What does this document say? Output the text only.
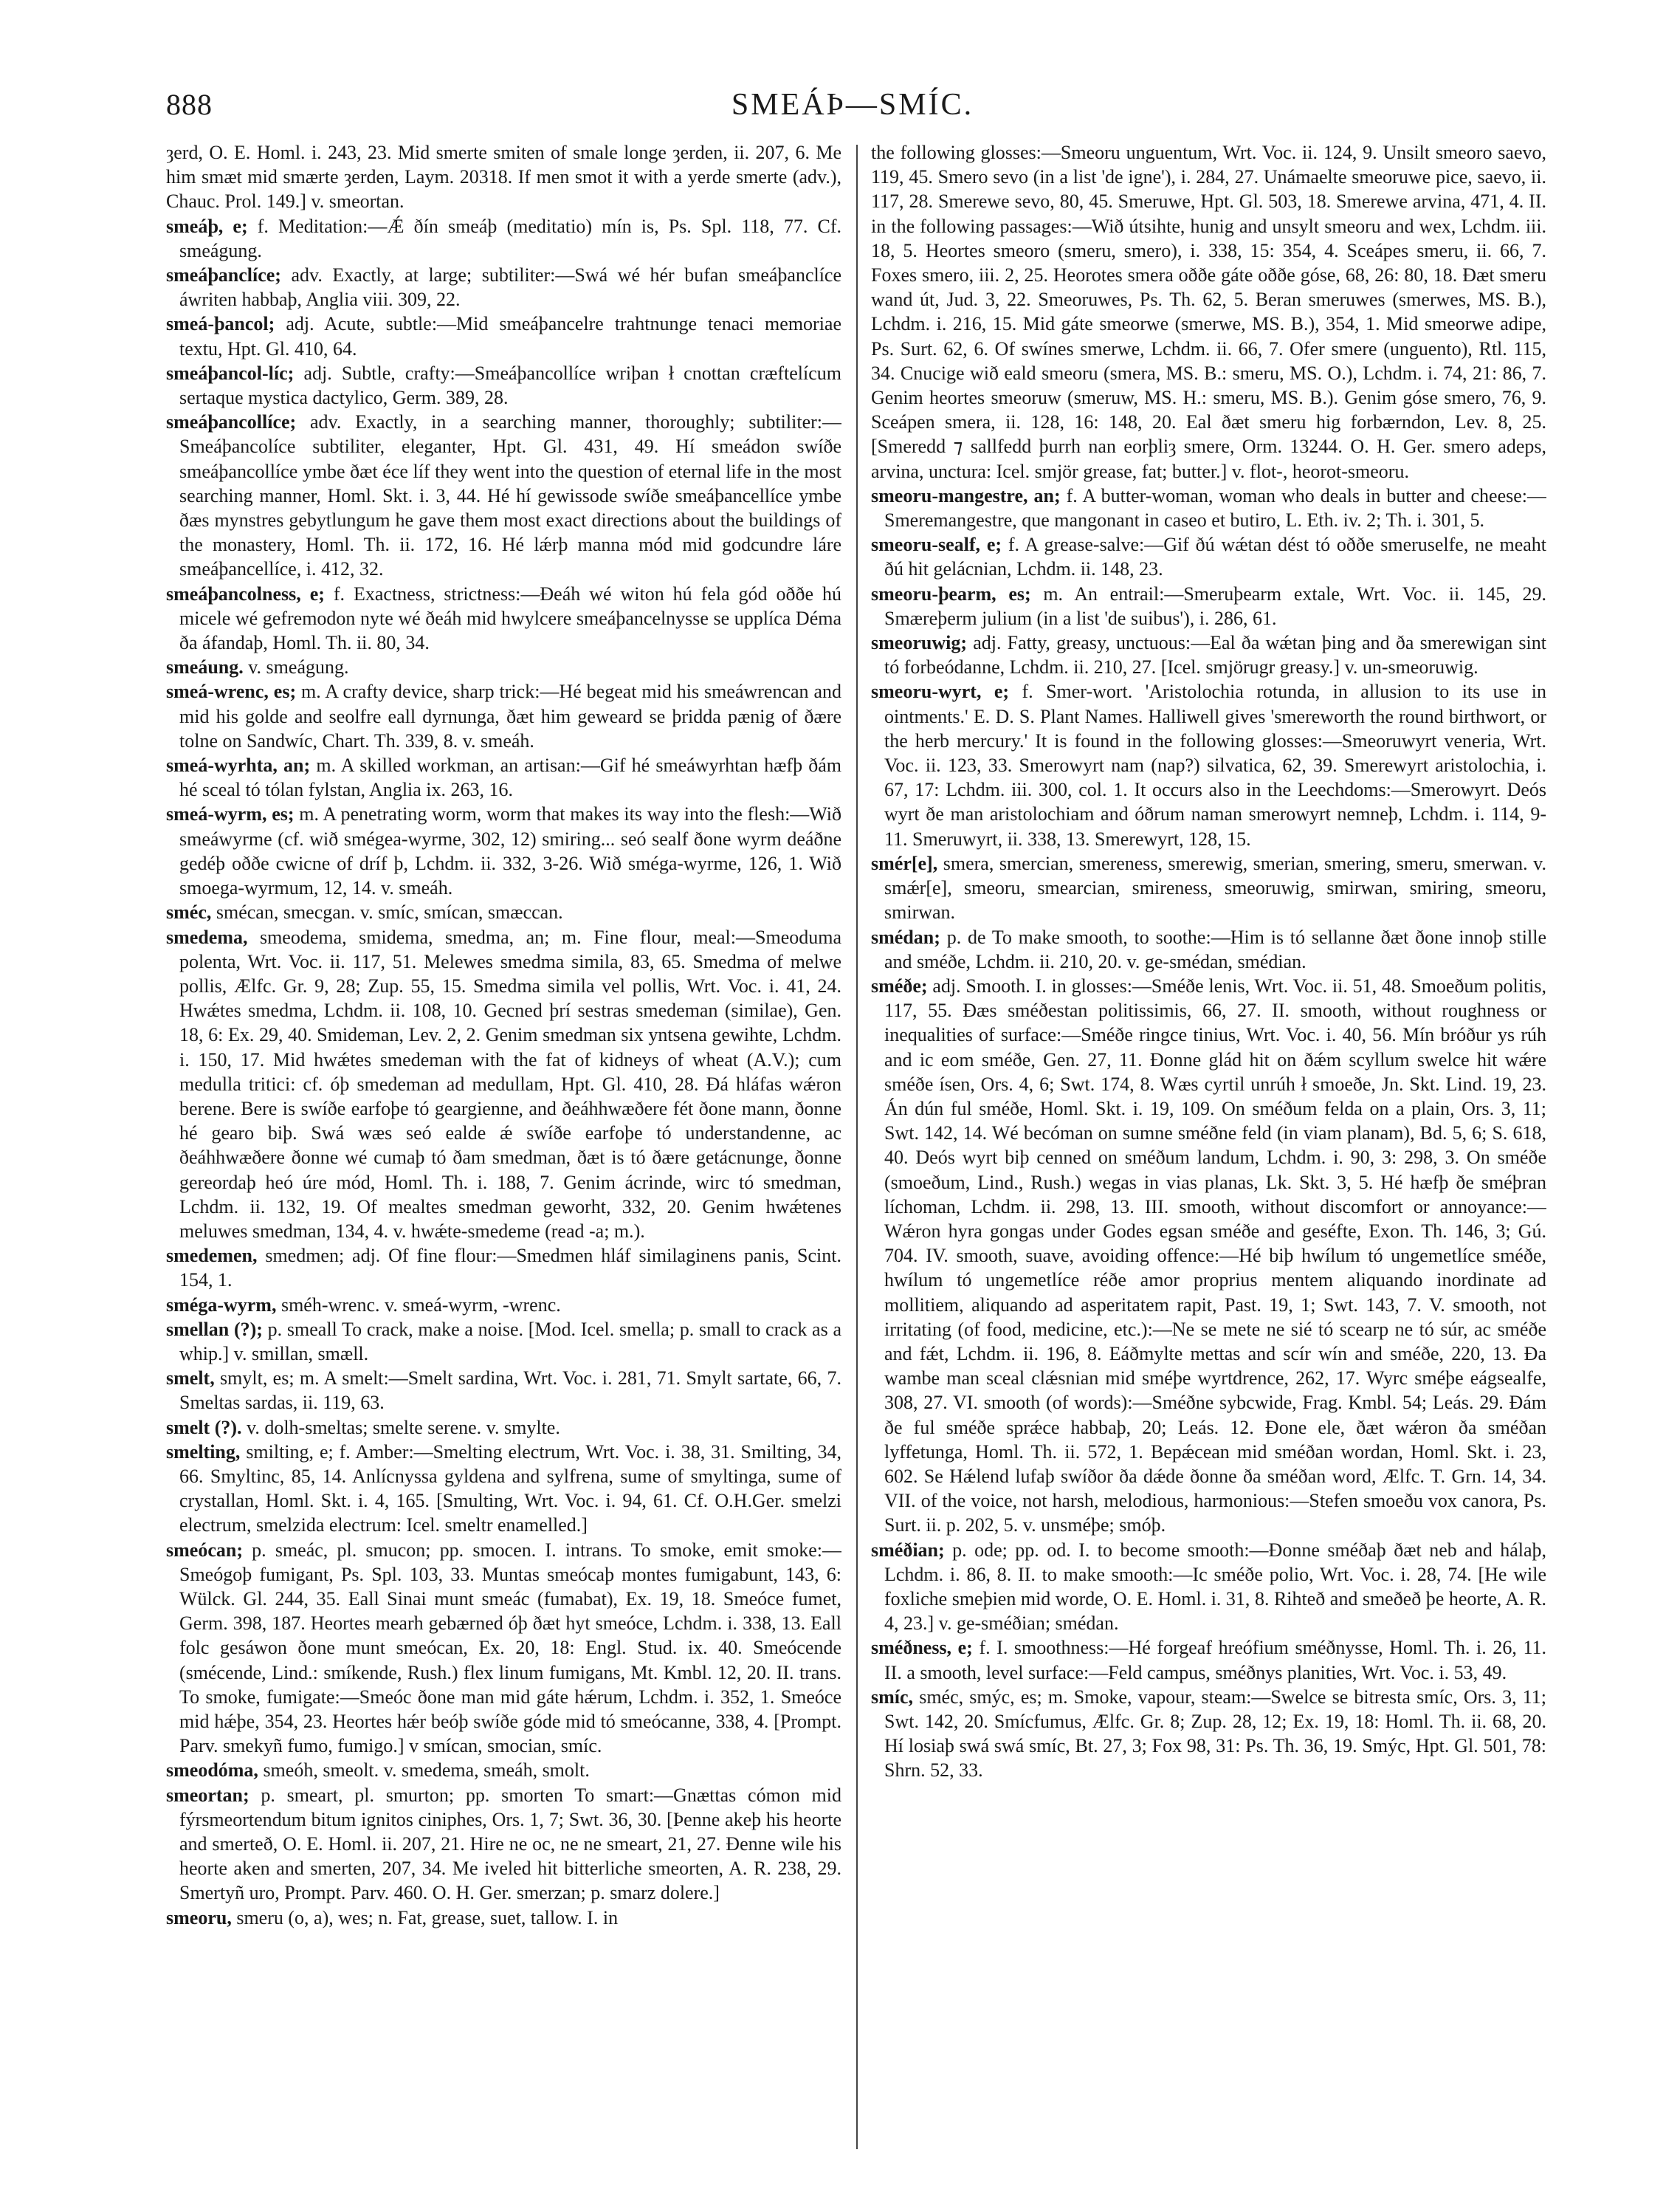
888	SMEÁÞ—SMÍC.

ȝerd, O. E. Homl. i. 243, 23. Mid smerte smiten of smale longe ȝerden, ii. 207, 6. Me him smæt mid smærte ȝerden, Laym. 20318. If men smot it with a yerde smerte (adv.), Chauc. Prol. 149.] v. smeortan.

smeáþ, e; f. Meditation:—Ǽ ðín smeáþ (meditatio) mín is, Ps. Spl. 118, 77. Cf. smeágung.

smeáþanclíce; adv. Exactly, at large; subtiliter:—Swá wé hér bufan smeáþanclíce áwriten habbaþ, Anglia viii. 309, 22.

smeá-þancol; adj. Acute, subtle:—Mid smeáþancelre trahtnunge tenaci memoriae textu, Hpt. Gl. 410, 64.

smeáþancol-líc; adj. Subtle, crafty:—Smeáþancollíce wriþan ł cnottan cræftelícum sertaque mystica dactylico, Germ. 389, 28.

smeáþancollíce; adv. Exactly, in a searching manner, thoroughly; subtiliter:—Smeáþancolíce subtiliter, eleganter, Hpt. Gl. 431, 49. Hí smeádon swíðe smeáþancollíce ymbe ðæt éce líf they went into the question of eternal life in the most searching manner, Homl. Skt. i. 3, 44. Hé hí gewissode swíðe smeáþancellíce ymbe ðæs mynstres gebytlungum he gave them most exact directions about the buildings of the monastery, Homl. Th. ii. 172, 16. Hé lǽrþ manna mód mid godcundre láre smeáþancellíce, i. 412, 32.

smeáþancolness, e; f. Exactness, strictness:—Ðeáh wé witon hú fela gód oððe hú micele wé gefremodon nyte wé ðeáh mid hwylcere smeáþancelnysse se upplíca Déma ða áfandaþ, Homl. Th. ii. 80, 34.

smeáung. v. smeágung.

smeá-wrenc, es; m. A crafty device, sharp trick:—Hé begeat mid his smeáwrencan and mid his golde and seolfre eall dyrnunga, ðæt him geweard se þridda pænig of ðære tolne on Sandwíc, Chart. Th. 339, 8. v. smeáh.

smeá-wyrhta, an; m. A skilled workman, an artisan:—Gif hé smeáwyrhtan hæfþ ðám hé sceal tó tólan fylstan, Anglia ix. 263, 16.

smeá-wyrm, es; m. A penetrating worm, worm that makes its way into the flesh:—Wið smeáwyrme (cf. wið smégea-wyrme, 302, 12) smiring... seó sealf ðone wyrm deáðne gedéþ oððe cwicne of dríf þ, Lchdm. ii. 332, 3-26. Wið sméga-wyrme, 126, 1. Wið smoega-wyrmum, 12, 14. v. smeáh.

sméc, smécan, smecgan. v. smíc, smícan, smæccan.

smedema, smeodema, smidema, smedma, an; m. Fine flour, meal:—Smeoduma polenta, Wrt. Voc. ii. 117, 51. Melewes smedma simila, 83, 65. Smedma of melwe pollis, Ælfc. Gr. 9, 28; Zup. 55, 15. Smedma simila vel pollis, Wrt. Voc. i. 41, 24. Hwǽtes smedma, Lchdm. ii. 108, 10. Gecned þrí sestras smedeman (similae), Gen. 18, 6: Ex. 29, 40. Smideman, Lev. 2, 2. Genim smedman six yntsena gewihte, Lchdm. i. 150, 17. Mid hwǽtes smedeman with the fat of kidneys of wheat (A.V.); cum medulla tritici: cf. óþ smedeman ad medullam, Hpt. Gl. 410, 28. Ðá hláfas wǽron berene. Bere is swíðe earfoþe tó geargienne, and ðeáhhwæðere fét ðone mann, ðonne hé gearo biþ. Swá wæs seó ealde ǽ swíðe earfoþe tó understandenne, ac ðeáhhwæðere ðonne wé cumaþ tó ðam smedman, ðæt is tó ðære getácnunge, ðonne gereordaþ heó úre mód, Homl. Th. i. 188, 7. Genim ácrinde, wirc tó smedman, Lchdm. ii. 132, 19. Of mealtes smedman geworht, 332, 20. Genim hwǽtenes meluwes smedman, 134, 4. v. hwǽte-smedeme (read -a; m.).

smedemen, smedmen; adj. Of fine flour:—Smedmen hláf similaginens panis, Scint. 154, 1.

sméga-wyrm, sméh-wrenc. v. smeá-wyrm, -wrenc.

smellan (?); p. smeall To crack, make a noise. [Mod. Icel. smella; p. small to crack as a whip.] v. smillan, smæll.

smelt, smylt, es; m. A smelt:—Smelt sardina, Wrt. Voc. i. 281, 71. Smylt sartate, 66, 7. Smeltas sardas, ii. 119, 63.

smelt (?). v. dolh-smeltas; smelte serene. v. smylte.

smelting, smilting, e; f. Amber:—Smelting electrum, Wrt. Voc. i. 38, 31. Smilting, 34, 66. Smyltinc, 85, 14. Anlícnyssa gyldena and sylfrena, sume of smyltinga, sume of crystallan, Homl. Skt. i. 4, 165. [Smulting, Wrt. Voc. i. 94, 61. Cf. O.H.Ger. smelzi electrum, smelzida electrum: Icel. smeltr enamelled.]

smeócan; p. smeác, pl. smucon; pp. smocen. I. intrans. To smoke, emit smoke:—Smeógoþ fumigant, Ps. Spl. 103, 33. Muntas smeócaþ montes fumigabunt, 143, 6: Wülck. Gl. 244, 35. Eall Sinai munt smeác (fumabat), Ex. 19, 18. Smeóce fumet, Germ. 398, 187. Heortes mearh gebærned óþ ðæt hyt smeóce, Lchdm. i. 338, 13. Eall folc gesáwon ðone munt smeócan, Ex. 20, 18: Engl. Stud. ix. 40. Smeócende (smécende, Lind.: smíkende, Rush.) flex linum fumigans, Mt. Kmbl. 12, 20. II. trans. To smoke, fumigate:—Smeóc ðone man mid gáte hǽrum, Lchdm. i. 352, 1. Smeóce mid hǽþe, 354, 23. Heortes hǽr beóþ swíðe góde mid tó smeócanne, 338, 4. [Prompt. Parv. smekyñ fumo, fumigo.] v smícan, smocian, smíc.

smeodóma, smeóh, smeolt. v. smedema, smeáh, smolt.

smeortan; p. smeart, pl. smurton; pp. smorten To smart:—Gnættas cómon mid fýrsmeortendum bitum ignitos ciniphes, Ors. 1, 7; Swt. 36, 30. [Þenne akeþ his heorte and smerteð, O. E. Homl. ii. 207, 21. Hire ne oc, ne ne smeart, 21, 27. Ðenne wile his heorte aken and smerten, 207, 34. Me iveled hit bitterliche smeorten, A. R. 238, 29. Smertyñ uro, Prompt. Parv. 460. O. H. Ger. smerzan; p. smarz dolere.]

smeoru, smeru (o, a), wes; n. Fat, grease, suet, tallow. I. in

the following glosses:—Smeoru unguentum, Wrt. Voc. ii. 124, 9. Unsilt smeoro saevo, 119, 45. Smero sevo (in a list 'de igne'), i. 284, 27. Unámaelte smeoruwe pice, saevo, ii. 117, 28. Smerewe sevo, 80, 45. Smeruwe, Hpt. Gl. 503, 18. Smerewe arvina, 471, 4. II. in the following passages:—Wið útsihte, hunig and unsylt smeoru and wex, Lchdm. iii. 18, 5. Heortes smeoro (smeru, smero), i. 338, 15: 354, 4. Sceápes smeru, ii. 66, 7. Foxes smero, iii. 2, 25. Heorotes smera oððe gáte oððe góse, 68, 26: 80, 18. Ðæt smeru wand út, Jud. 3, 22. Smeoruwes, Ps. Th. 62, 5. Beran smeruwes (smerwes, MS. B.), Lchdm. i. 216, 15. Mid gáte smeorwe (smerwe, MS. B.), 354, 1. Mid smeorwe adipe, Ps. Surt. 62, 6. Of swínes smerwe, Lchdm. ii. 66, 7. Ofer smere (unguento), Rtl. 115, 34. Cnucige wið eald smeoru (smera, MS. B.: smeru, MS. O.), Lchdm. i. 74, 21: 86, 7. Genim heortes smeoruw (smeruw, MS. H.: smeru, MS. B.). Genim góse smero, 76, 9. Sceápen smera, ii. 128, 16: 148, 20. Eal ðæt smeru hig forbærndon, Lev. 8, 25. [Smeredd ⁊ sallfedd þurrh nan eorþliȝ smere, Orm. 13244. O. H. Ger. smero adeps, arvina, unctura: Icel. smjör grease, fat; butter.] v. flot-, heorot-smeoru.

smeoru-mangestre, an; f. A butter-woman, woman who deals in butter and cheese:—Smeremangestre, que mangonant in caseo et butiro, L. Eth. iv. 2; Th. i. 301, 5.

smeoru-sealf, e; f. A grease-salve:—Gif ðú wǽtan dést tó oððe smeruselfe, ne meaht ðú hit gelácnian, Lchdm. ii. 148, 23.

smeoru-þearm, es; m. An entrail:—Smeruþearm extale, Wrt. Voc. ii. 145, 29. Smæreþerm julium (in a list 'de suibus'), i. 286, 61.

smeoruwig; adj. Fatty, greasy, unctuous:—Eal ða wǽtan þing and ða smerewigan sint tó forbeódanne, Lchdm. ii. 210, 27. [Icel. smjörugr greasy.] v. un-smeoruwig.

smeoru-wyrt, e; f. Smer-wort. 'Aristolochia rotunda, in allusion to its use in ointments.' E. D. S. Plant Names. Halliwell gives 'smereworth the round birthwort, or the herb mercury.' It is found in the following glosses:—Smeoruwyrt veneria, Wrt. Voc. ii. 123, 33. Smerowyrt nam (nap?) silvatica, 62, 39. Smerewyrt aristolochia, i. 67, 17: Lchdm. iii. 300, col. 1. It occurs also in the Leechdoms:—Smerowyrt. Deós wyrt ðe man aristolochiam and óðrum naman smerowyrt nemneþ, Lchdm. i. 114, 9-11. Smeruwyrt, ii. 338, 13. Smerewyrt, 128, 15.

smér[e], smera, smercian, smereness, smerewig, smerian, smering, smeru, smerwan. v. smǽr[e], smeoru, smearcian, smireness, smeoruwig, smirwan, smiring, smeoru, smirwan.

smédan; p. de To make smooth, to soothe:—Him is tó sellanne ðæt ðone innoþ stille and sméðe, Lchdm. ii. 210, 20. v. ge-smédan, smédian.

sméðe; adj. Smooth. I. in glosses:—Sméðe lenis, Wrt. Voc. ii. 51, 48. Smoeðum politis, 117, 55. Ðæs sméðestan politissimis, 66, 27. II. smooth, without roughness or inequalities of surface:—Sméðe ringce tinius, Wrt. Voc. i. 40, 56. Mín bróður ys rúh and ic eom sméðe, Gen. 27, 11. Ðonne glád hit on ðǽm scyllum swelce hit wǽre sméðe ísen, Ors. 4, 6; Swt. 174, 8. Wæs cyrtil unrúh ł smoeðe, Jn. Skt. Lind. 19, 23. Án dún ful sméðe, Homl. Skt. i. 19, 109. On sméðum felda on a plain, Ors. 3, 11; Swt. 142, 14. Wé becóman on sumne sméðne feld (in viam planam), Bd. 5, 6; S. 618, 40. Deós wyrt biþ cenned on sméðum landum, Lchdm. i. 90, 3: 298, 3. On sméðe (smoeðum, Lind., Rush.) wegas in vias planas, Lk. Skt. 3, 5. Hé hæfþ ðe sméþran líchoman, Lchdm. ii. 298, 13. III. smooth, without discomfort or annoyance:—Wǽron hyra gongas under Godes egsan sméðe and geséfte, Exon. Th. 146, 3; Gú. 704. IV. smooth, suave, avoiding offence:—Hé biþ hwílum tó ungemetlíce sméðe, hwílum tó ungemetlíce réðe amor proprius mentem aliquando inordinate ad mollitiem, aliquando ad asperitatem rapit, Past. 19, 1; Swt. 143, 7. V. smooth, not irritating (of food, medicine, etc.):—Ne se mete ne sié tó scearp ne tó súr, ac sméðe and fǽt, Lchdm. ii. 196, 8. Eáðmylte mettas and scír wín and sméðe, 220, 13. Ða wambe man sceal clǽsnian mid sméþe wyrtdrence, 262, 17. Wyrc sméþe eágsealfe, 308, 27. VI. smooth (of words):—Sméðne sybcwide, Frag. Kmbl. 54; Leás. 29. Ðám ðe ful sméðe sprǽce habbaþ, 20; Leás. 12. Ðone ele, ðæt wǽron ða sméðan lyffetunga, Homl. Th. ii. 572, 1. Bepǽcean mid sméðan wordan, Homl. Skt. i. 23, 602. Se Hǽlend lufaþ swíðor ða dǽde ðonne ða sméðan word, Ælfc. T. Grn. 14, 34. VII. of the voice, not harsh, melodious, harmonious:—Stefen smoeðu vox canora, Ps. Surt. ii. p. 202, 5. v. unsméþe; smóþ.

sméðian; p. ode; pp. od. I. to become smooth:—Ðonne sméðaþ ðæt neb and hálaþ, Lchdm. i. 86, 8. II. to make smooth:—Ic sméðe polio, Wrt. Voc. i. 28, 74. [He wile foxliche smeþien mid worde, O. E. Homl. i. 31, 8. Rihteð and smeðeð þe heorte, A. R. 4, 23.] v. ge-sméðian; smédan.

sméðness, e; f. I. smoothness:—Hé forgeaf hreófium sméðnysse, Homl. Th. i. 26, 11. II. a smooth, level surface:—Feld campus, sméðnys planities, Wrt. Voc. i. 53, 49.

smíc, sméc, smýc, es; m. Smoke, vapour, steam:—Swelce se bitresta smíc, Ors. 3, 11; Swt. 142, 20. Smícfumus, Ælfc. Gr. 8; Zup. 28, 12; Ex. 19, 18: Homl. Th. ii. 68, 20. Hí losiaþ swá swá smíc, Bt. 27, 3; Fox 98, 31: Ps. Th. 36, 19. Smýc, Hpt. Gl. 501, 78: Shrn. 52, 33.
